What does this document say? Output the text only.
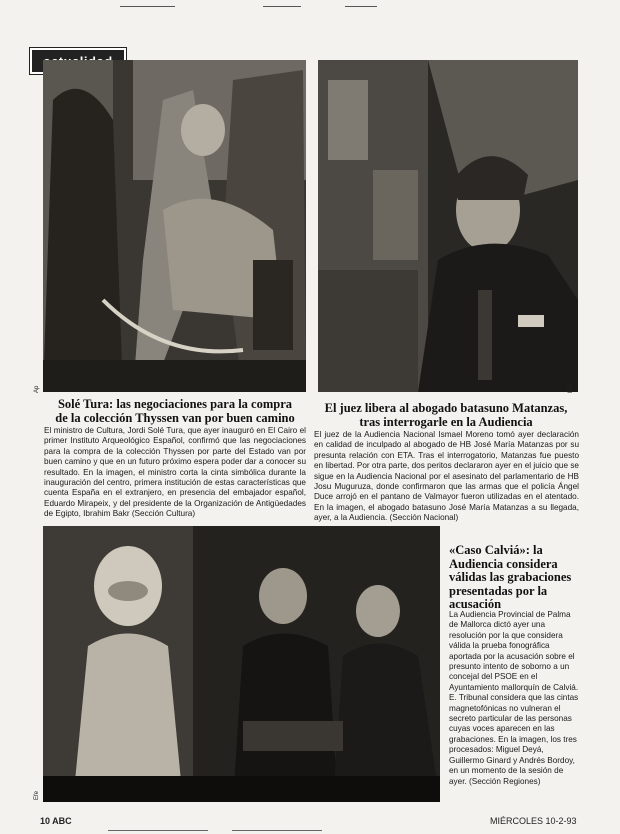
Ap	Efe

Solé Tura: las negociaciones para la compra

de la colección Thyssen van por buen camino

El ministro de Cultura, Jordi Solé Tura, que ayer inauguró en El Cairo el primer Instituto Arqueológico Español, confirmó que las negociaciones para la compra de la colección Thyssen por parte del Estado van por buen camino y que en un futuro próximo espera poder dar a conocer su resultado. En la imagen, el ministro corta la cinta simbólica durante la inauguración del centro, primera institución de estas características que cuenta España en el extranjero, en presencia del embajador español, Eduardo Mirapeix, y del presidente de la Organización de Antigüedades de Egipto, Ibrahim Bakr (Sección Cultura)

El juez libera al abogado batasuno Matanzas,

tras interrogarle en la Audiencia

El juez de la Audiencia Nacional Ismael Moreno tomó ayer declaración en calidad de inculpado al abogado de HB José María Matanzas por su presunta relación con ETA. Tras el interrogatorio, Matanzas fue puesto en libertad. Por otra parte, dos peritos declararon ayer en el juicio que se sigue en la Audiencia Nacional por el asesinato del parlamentario de HB Josu Muguruza, donde confirmaron que las armas que el policía Ángel Duce arrojó en el pantano de Valmayor fueron utilizadas en el atentado. En la imagen, el abogado batasuno José María Matanzas a su llegada, ayer, a la Audiencia. (Sección Nacional)

Efe

«Caso Calviá»: la Audiencia considera válidas las grabaciones presentadas por la acusación

La Audiencia Provincial de Palma de Mallorca dictó ayer una resolución por la que considera válida la prueba fonográfica aportada por la acusación sobre el presunto intento de soborno a un concejal del PSOE en el Ayuntamiento mallorquín de Calviá. E. Tribunal considera que las cintas magnetofónicas no vulneran el secreto particular de las personas cuyas voces aparecen en las grabaciones. En la imagen, los tres procesados: Miguel Deyá, Guillermo Ginard y Andrés Bordoy, en un momento de la sesión de ayer. (Sección Regiones)

10 ABC	MIÉRCOLES 10-2-93
